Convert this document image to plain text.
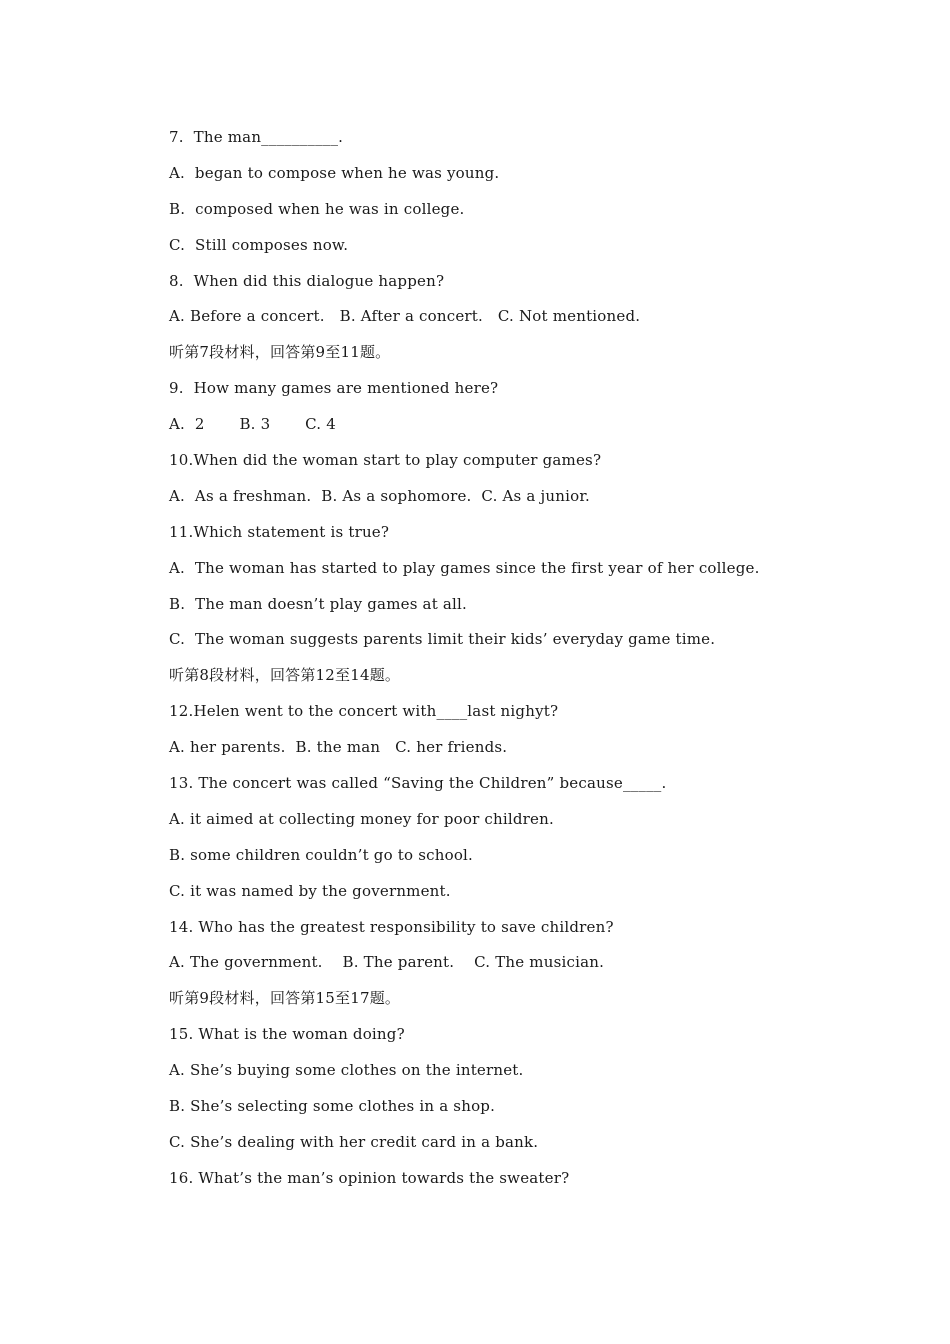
7.  The man__________.
A.  began to compose when he was young.
B.  composed when he was in college.
C.  Still composes now.
8.  When did this dialogue happen?
A. Before a concert.   B. After a concert.   C. Not mentioned.
听第7段材料，回答第9至11题。
9.  How many games are mentioned here?
A.  2       B. 3       C. 4
10.When did the woman start to play computer games?
A.  As a freshman.  B. As a sophomore.  C. As a junior.
11.Which statement is true?
A.  The woman has started to play games since the first year of her college.
B.  The man doesn’t play games at all.
C.  The woman suggests parents limit their kids’ everyday game time.
听第8段材料，回答第12至14题。
12.Helen went to the concert with____last nighyt?
A. her parents.  B. the man   C. her friends.
13. The concert was called “Saving the Children” because_____.
A. it aimed at collecting money for poor children.
B. some children couldn’t go to school.
C. it was named by the government.
14. Who has the greatest responsibility to save children?
A. The government.    B. The parent.    C. The musician.
听第9段材料，回答第15至17题。
15. What is the woman doing?
A. She’s buying some clothes on the internet.
B. She’s selecting some clothes in a shop.
C. She’s dealing with her credit card in a bank.
16. What’s the man’s opinion towards the sweater?
